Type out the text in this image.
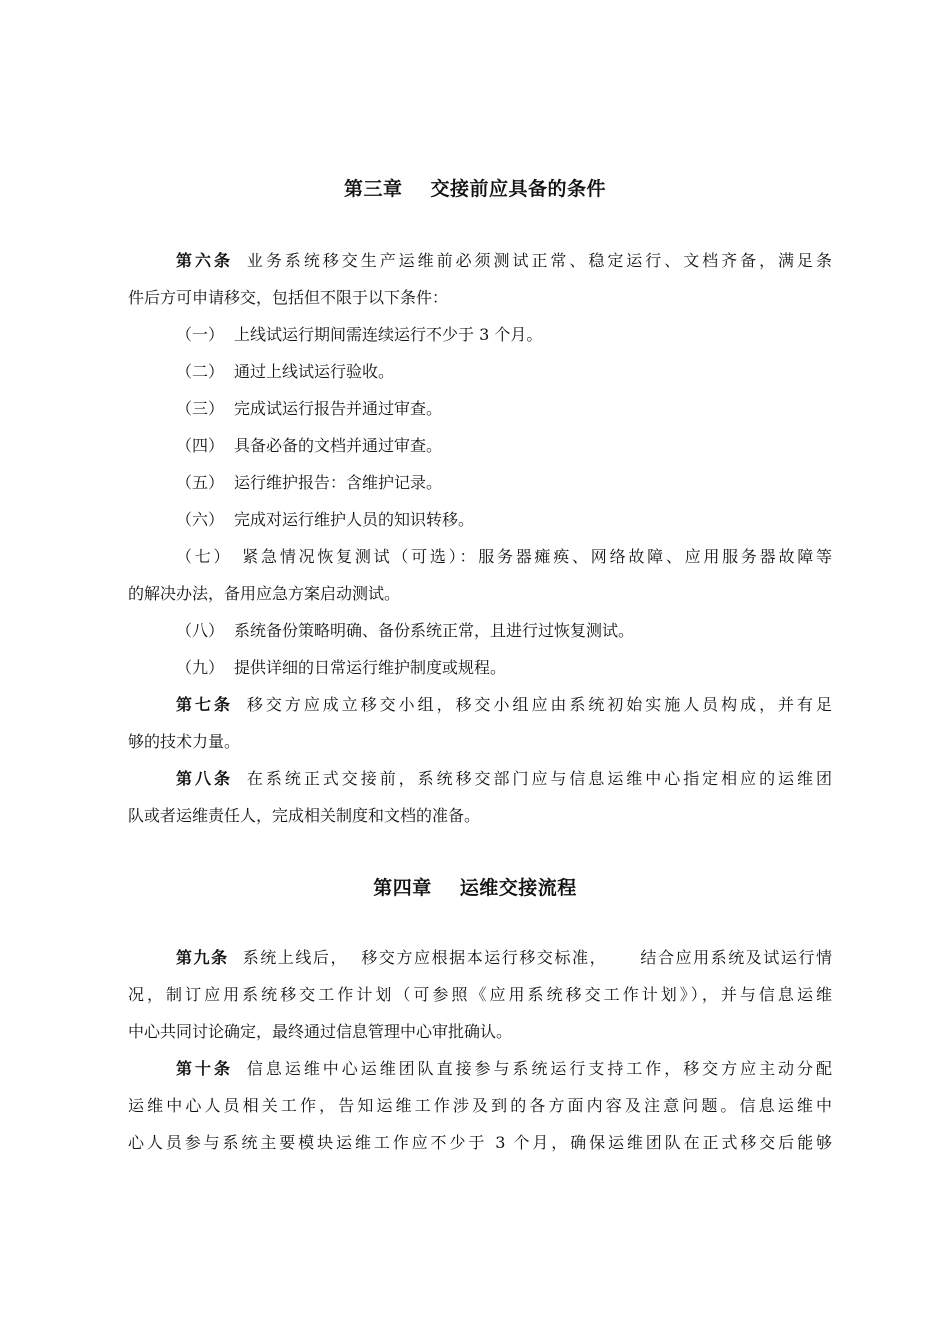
第三章 交接前应具备的条件
第六条 业务系统移交生产运维前必须测试正常、稳定运行、文档齐备，满足条
件后方可申请移交，包括但不限于以下条件：
（一） 上线试运行期间需连续运行不少于 3 个月。
（二） 通过上线试运行验收。
（三） 完成试运行报告并通过审查。
（四） 具备必备的文档并通过审查。
（五） 运行维护报告：含维护记录。
（六） 完成对运行维护人员的知识转移。
（七） 紧急情况恢复测试（可选）：服务器瘫痪、网络故障、应用服务器故障等
的解决办法，备用应急方案启动测试。
（八） 系统备份策略明确、备份系统正常，且进行过恢复测试。
（九） 提供详细的日常运行维护制度或规程。
第七条 移交方应成立移交小组，移交小组应由系统初始实施人员构成，并有足
够的技术力量。
第八条 在系统正式交接前，系统移交部门应与信息运维中心指定相应的运维团
队或者运维责任人，完成相关制度和文档的准备。
第四章 运维交接流程
第九条 系统上线后，  移交方应根据本运行移交标准，     结合应用系统及试运行情
况，制订应用系统移交工作计划（可参照《应用系统移交工作计划》），并与信息运维
中心共同讨论确定，最终通过信息管理中心审批确认。
第十条 信息运维中心运维团队直接参与系统运行支持工作，移交方应主动分配
运维中心人员相关工作，告知运维工作涉及到的各方面内容及注意问题。信息运维中
心人员参与系统主要模块运维工作应不少于 3 个月，确保运维团队在正式移交后能够
